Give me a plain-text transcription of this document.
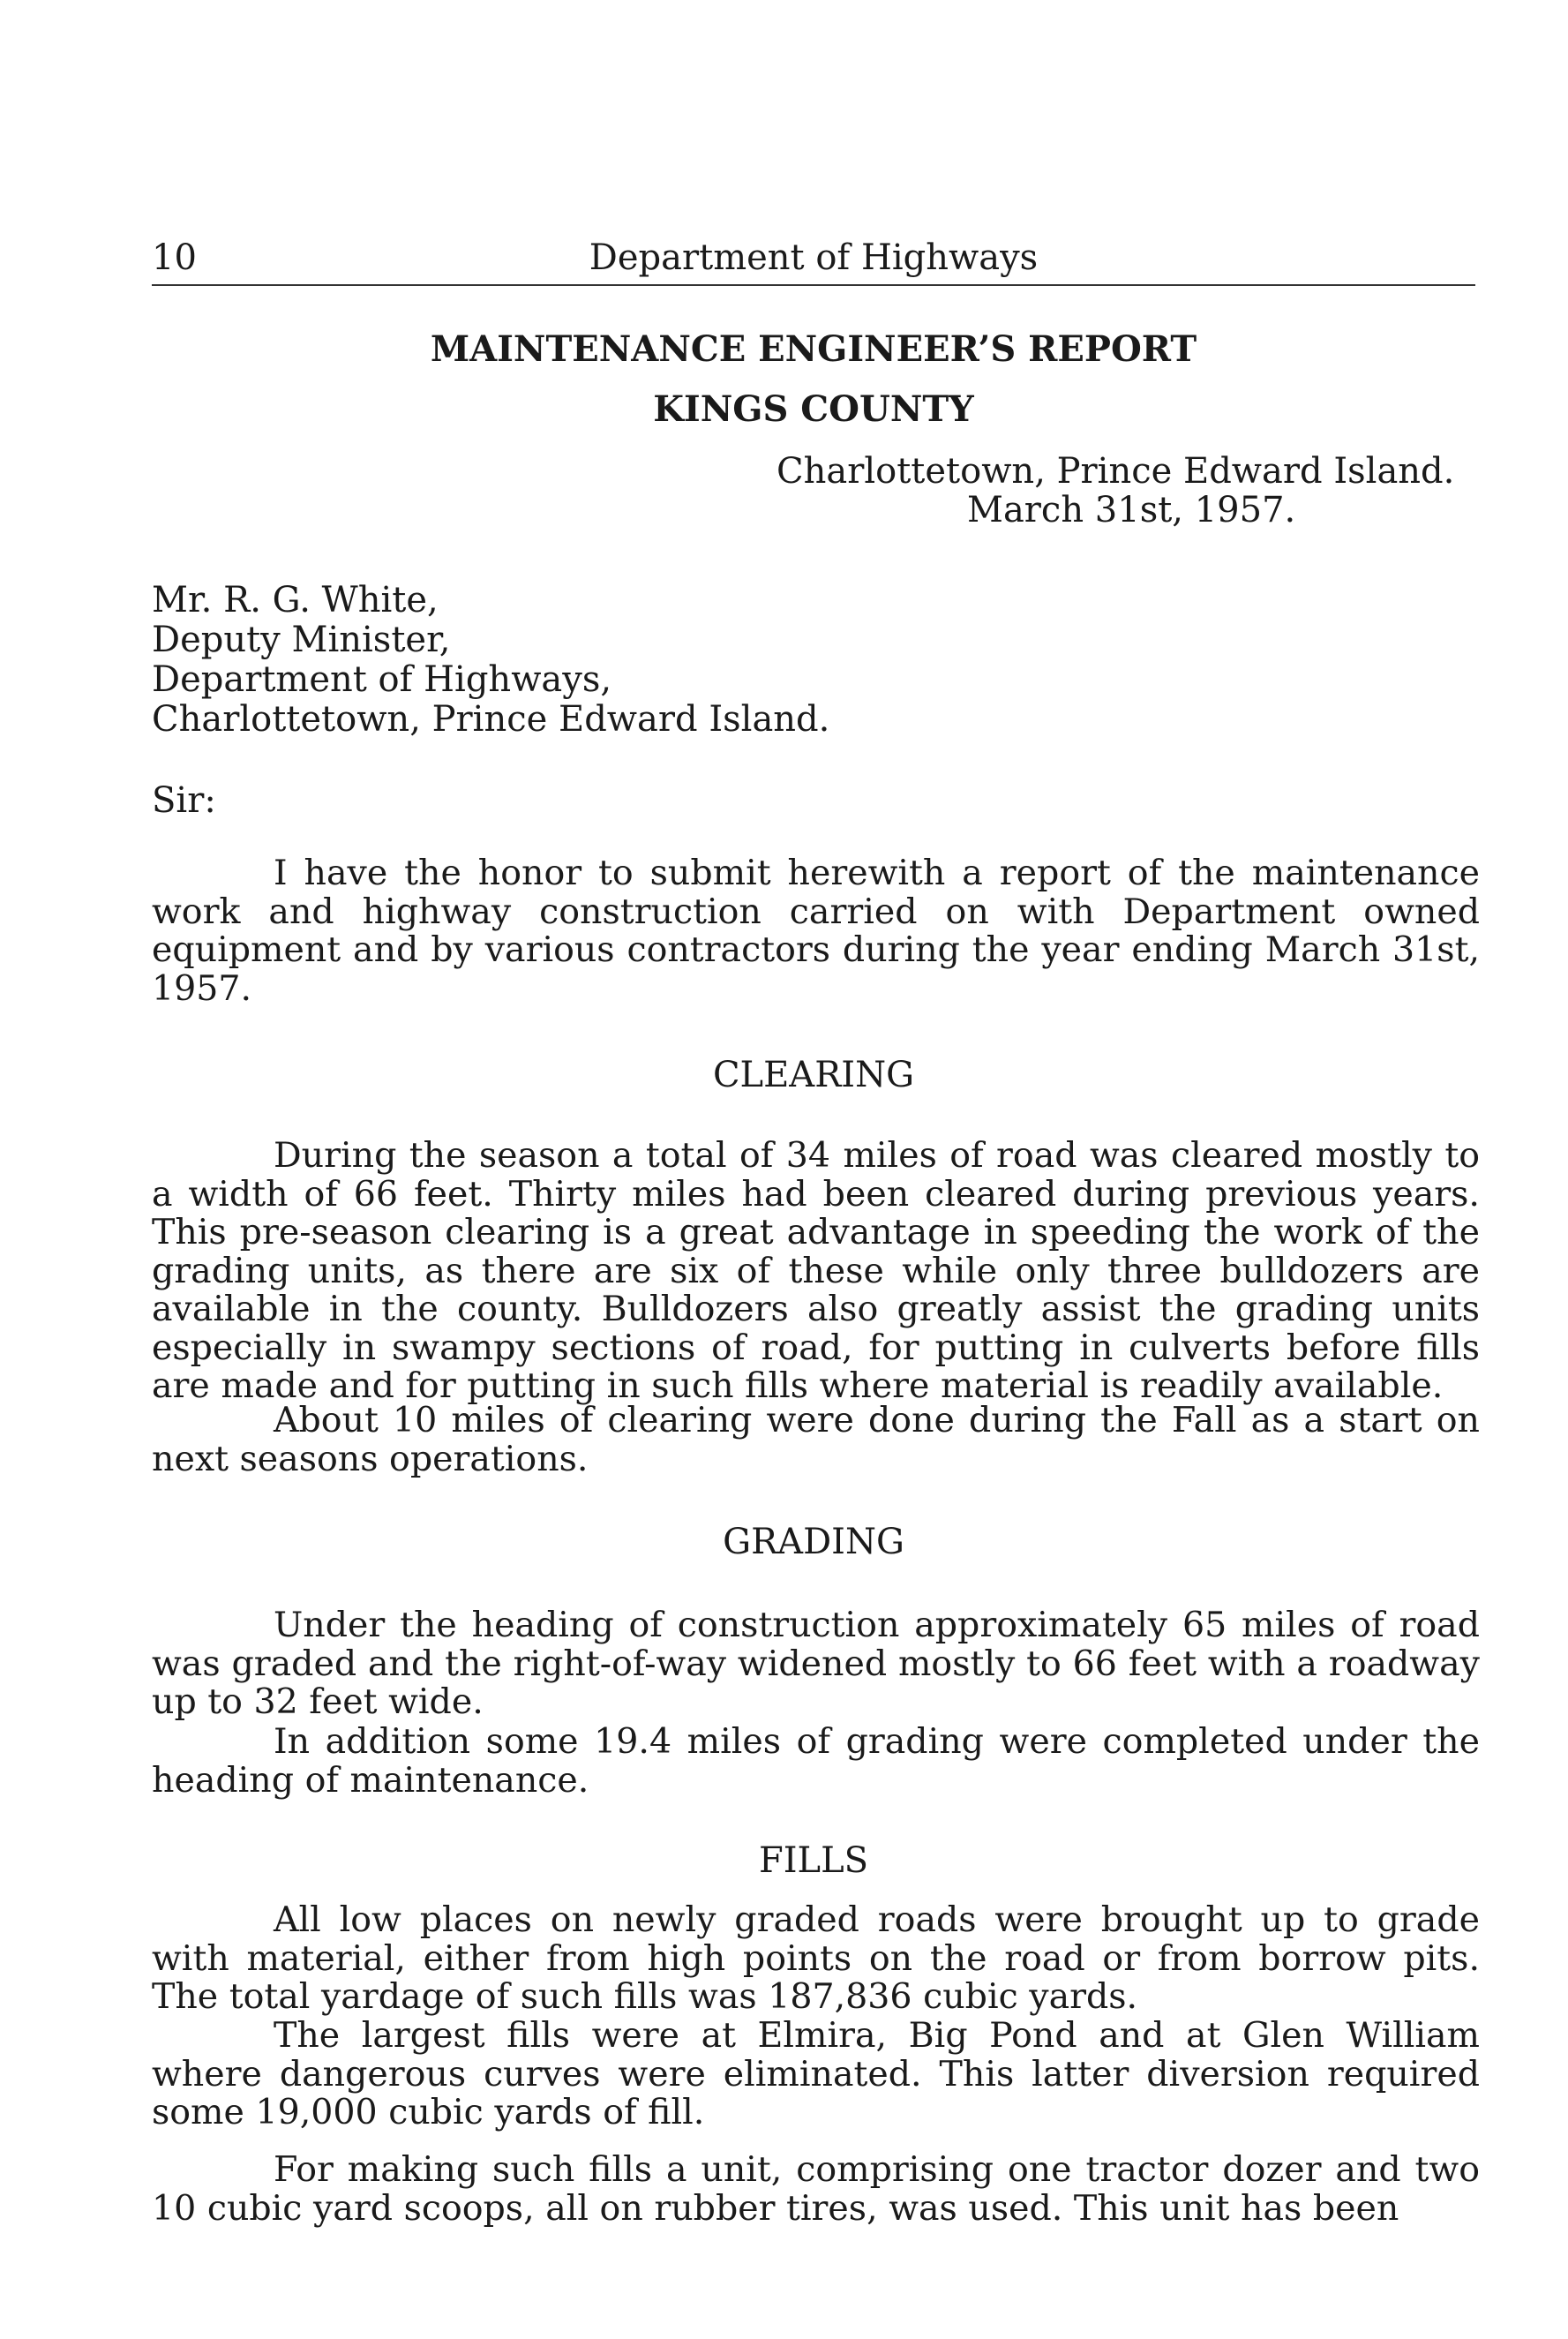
10	Department of Highways
MAINTENANCE ENGINEER’S REPORT
KINGS COUNTY
Charlottetown, Prince Edward Island.
March 31st, 1957.
Mr. R. G. White,
Deputy Minister,
Department of Highways,
Charlottetown, Prince Edward Island.
Sir:

I have the honor to submit herewith a report of the maintenance work and highway construction carried on with Department owned equipment and by various contractors during the year ending March 31st, 1957.

CLEARING

During the season a total of 34 miles of road was cleared mostly to a width of 66 feet. Thirty miles had been cleared during previous years. This pre-season clearing is a great advantage in speeding the work of the grading units, as there are six of these while only three bulldozers are available in the county. Bulldozers also greatly assist the grading units especially in swampy sections of road, for putting in culverts before fills are made and for putting in such fills where material is readily available.

About 10 miles of clearing were done during the Fall as a start on next seasons operations.

GRADING

Under the heading of construction approximately 65 miles of road was graded and the right-of-way widened mostly to 66 feet with a roadway up to 32 feet wide.

In addition some 19.4 miles of grading were completed under the heading of maintenance.

FILLS

All low places on newly graded roads were brought up to grade with material, either from high points on the road or from borrow pits. The total yardage of such fills was 187,836 cubic yards.

The largest fills were at Elmira, Big Pond and at Glen William where dangerous curves were eliminated. This latter diversion required some 19,000 cubic yards of fill.

For making such fills a unit, comprising one tractor dozer and two 10 cubic yard scoops, all on rubber tires, was used. This unit has been
